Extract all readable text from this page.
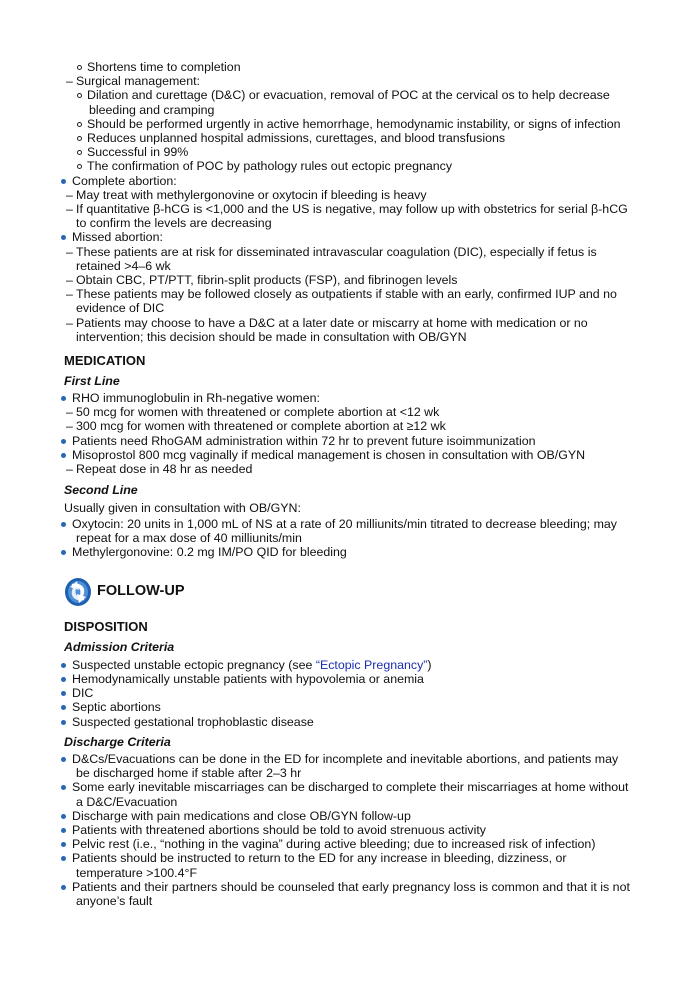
Shortens time to completion
– Surgical management:
Dilation and curettage (D&C) or evacuation, removal of POC at the cervical os to help decrease
bleeding and cramping
Should be performed urgently in active hemorrhage, hemodynamic instability, or signs of infection
Reduces unplanned hospital admissions, curettages, and blood transfusions
Successful in 99%
The confirmation of POC by pathology rules out ectopic pregnancy
Complete abortion:
– May treat with methylergonovine or oxytocin if bleeding is heavy
– If quantitative β-hCG is <1,000 and the US is negative, may follow up with obstetrics for serial β-hCG
to confirm the levels are decreasing
Missed abortion:
– These patients are at risk for disseminated intravascular coagulation (DIC), especially if fetus is
retained >4–6 wk
– Obtain CBC, PT/PTT, fibrin-split products (FSP), and fibrinogen levels
– These patients may be followed closely as outpatients if stable with an early, confirmed IUP and no
evidence of DIC
– Patients may choose to have a D&C at a later date or miscarry at home with medication or no
intervention; this decision should be made in consultation with OB/GYN
MEDICATION
First Line
RHO immunoglobulin in Rh-negative women:
– 50 mcg for women with threatened or complete abortion at <12 wk
– 300 mcg for women with threatened or complete abortion at ≥12 wk
Patients need RhoGAM administration within 72 hr to prevent future isoimmunization
Misoprostol 800 mcg vaginally if medical management is chosen in consultation with OB/GYN
– Repeat dose in 48 hr as needed
Second Line
Usually given in consultation with OB/GYN:
Oxytocin: 20 units in 1,000 mL of NS at a rate of 20 milliunits/min titrated to decrease bleeding; may
repeat for a max dose of 40 milliunits/min
Methylergonovine: 0.2 mg IM/PO QID for bleeding
FOLLOW-UP
DISPOSITION
Admission Criteria
Suspected unstable ectopic pregnancy (see “Ectopic Pregnancy”)
Hemodynamically unstable patients with hypovolemia or anemia
DIC
Septic abortions
Suspected gestational trophoblastic disease
Discharge Criteria
D&Cs/Evacuations can be done in the ED for incomplete and inevitable abortions, and patients may
be discharged home if stable after 2–3 hr
Some early inevitable miscarriages can be discharged to complete their miscarriages at home without
a D&C/Evacuation
Discharge with pain medications and close OB/GYN follow-up
Patients with threatened abortions should be told to avoid strenuous activity
Pelvic rest (i.e., “nothing in the vagina” during active bleeding; due to increased risk of infection)
Patients should be instructed to return to the ED for any increase in bleeding, dizziness, or
temperature >100.4°F
Patients and their partners should be counseled that early pregnancy loss is common and that it is not
anyone’s fault
